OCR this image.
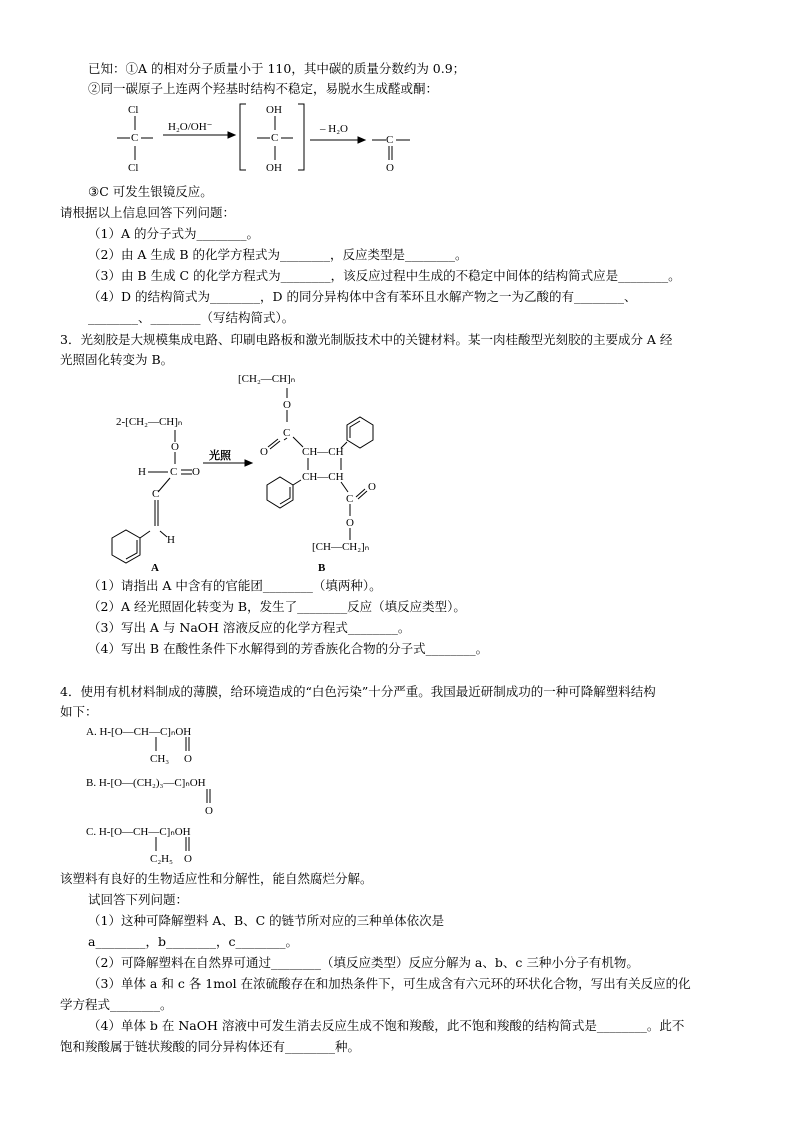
已知：①A 的相对分子质量小于 110，其中碳的质量分数约为 0.9；
②同一碳原子上连两个羟基时结构不稳定，易脱水生成醛或酮：
Cl
C
Cl
H₂O/OH⁻
OH
C
OH
– H₂O
C
O
③C 可发生银镜反应。
请根据以上信息回答下列问题：
（1）A 的分子式为________。
（2）由 A 生成 B 的化学方程式为________，反应类型是________。
（3）由 B 生成 C 的化学方程式为________，该反应过程中生成的不稳定中间体的结构简式应是________。
（4）D 的结构简式为________，D 的同分异构体中含有苯环且水解产物之一为乙酸的有________、
________、________（写结构简式）。
3．光刻胶是大规模集成电路、印刷电路板和激光制版技术中的关键材料。某一肉桂酸型光刻胶的主要成分 A 经
光照固化转变为 B。
2-[CH₂—CH]ₙ
O
H C O
C
H
光照
[CH₂—CH]ₙ
O
C
O	CH—CH
CH—CH
C
O
O
[CH—CH₂]ₙ
A	B
（1）请指出 A 中含有的官能团________（填两种）。
（2）A 经光照固化转变为 B，发生了________反应（填反应类型）。
（3）写出 A 与 NaOH 溶液反应的化学方程式________。
（4）写出 B 在酸性条件下水解得到的芳香族化合物的分子式________。
4．使用有机材料制成的薄膜，给环境造成的“白色污染”十分严重。我国最近研制成功的一种可降解塑料结构
如下：
A. H-[O—CH—C]ₙOH
CH₃ O
B. H-[O—(CH₂)₃—C]ₙOH
O
C. H-[O—CH—C]ₙOH
C₂H₅ O
该塑料有良好的生物适应性和分解性，能自然腐烂分解。
试回答下列问题：
（1）这种可降解塑料 A、B、C 的链节所对应的三种单体依次是
a________，b________，c________。
（2）可降解塑料在自然界可通过________（填反应类型）反应分解为 a、b、c 三种小分子有机物。
（3）单体 a 和 c 各 1mol 在浓硫酸存在和加热条件下，可生成含有六元环的环状化合物，写出有关反应的化
学方程式________。
（4）单体 b 在 NaOH 溶液中可发生消去反应生成不饱和羧酸，此不饱和羧酸的结构简式是________。此不
饱和羧酸属于链状羧酸的同分异构体还有________种。
